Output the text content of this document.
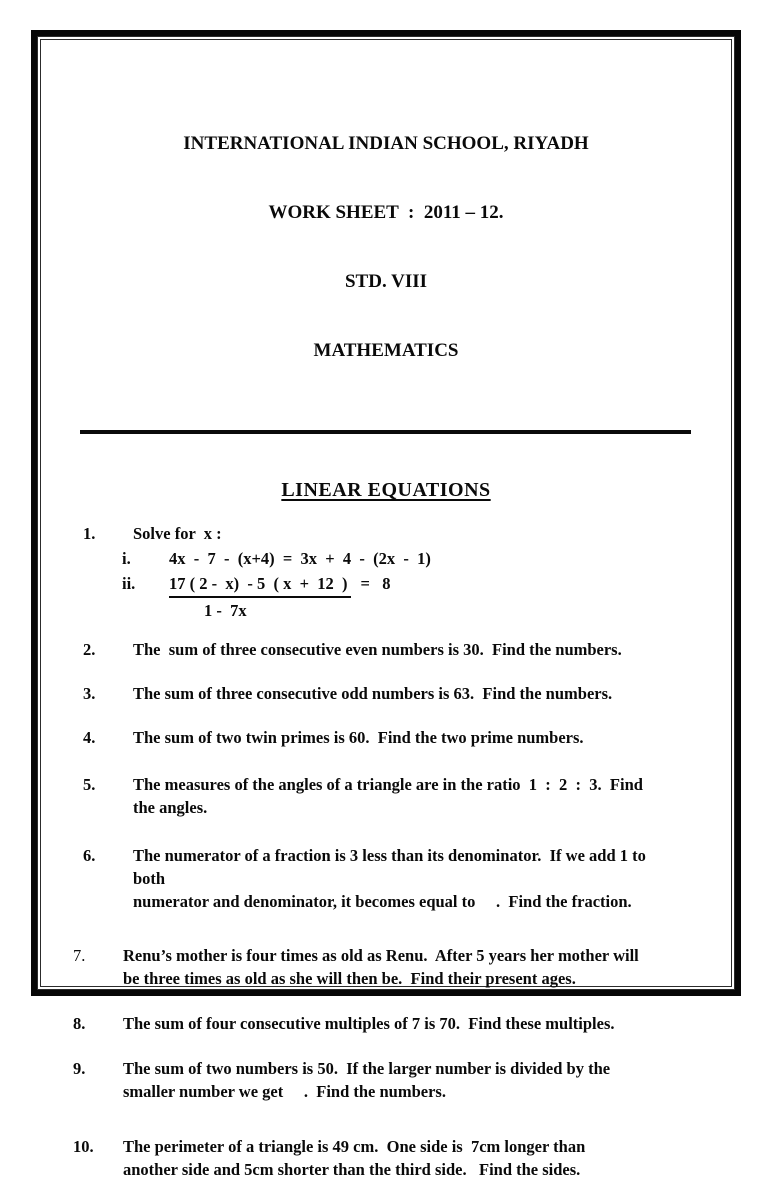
INTERNATIONAL INDIAN SCHOOL, RIYADH

WORK SHEET  :  2011 – 12.

STD. VIII

MATHEMATICS

LINEAR EQUATIONS
1.	Solve for  x :
i.	4x  -  7  -  (x+4)  =  3x  +  4  -  (2x  -  1)
ii.	$\frac{17 ( 2 - x) - 5 ( x + 12 )}{1 - 7x} = 8$
2.	The  sum of three consecutive even numbers is 30.  Find the numbers.
3.	The sum of three consecutive odd numbers is 63.  Find the numbers.
4.	The sum of two twin primes is 60.  Find the two prime numbers.
5.	The measures of the angles of a triangle are in the ratio  1  :  2  :  3.  Find
the angles.
6.	The numerator of a fraction is 3 less than its denominator.  If we add 1 to
both
numerator and denominator, it becomes equal to     .  Find the fraction.
7.	Renu’s mother is four times as old as Renu.  After 5 years her mother will
be three times as old as she will then be.  Find their present ages.
8.	The sum of four consecutive multiples of 7 is 70.  Find these multiples.
9.	The sum of two numbers is 50.  If the larger number is divided by the
smaller number we get     .  Find the numbers.
10.	The perimeter of a triangle is 49 cm.  One side is  7cm longer than
another side and 5cm shorter than the third side.   Find the sides.
